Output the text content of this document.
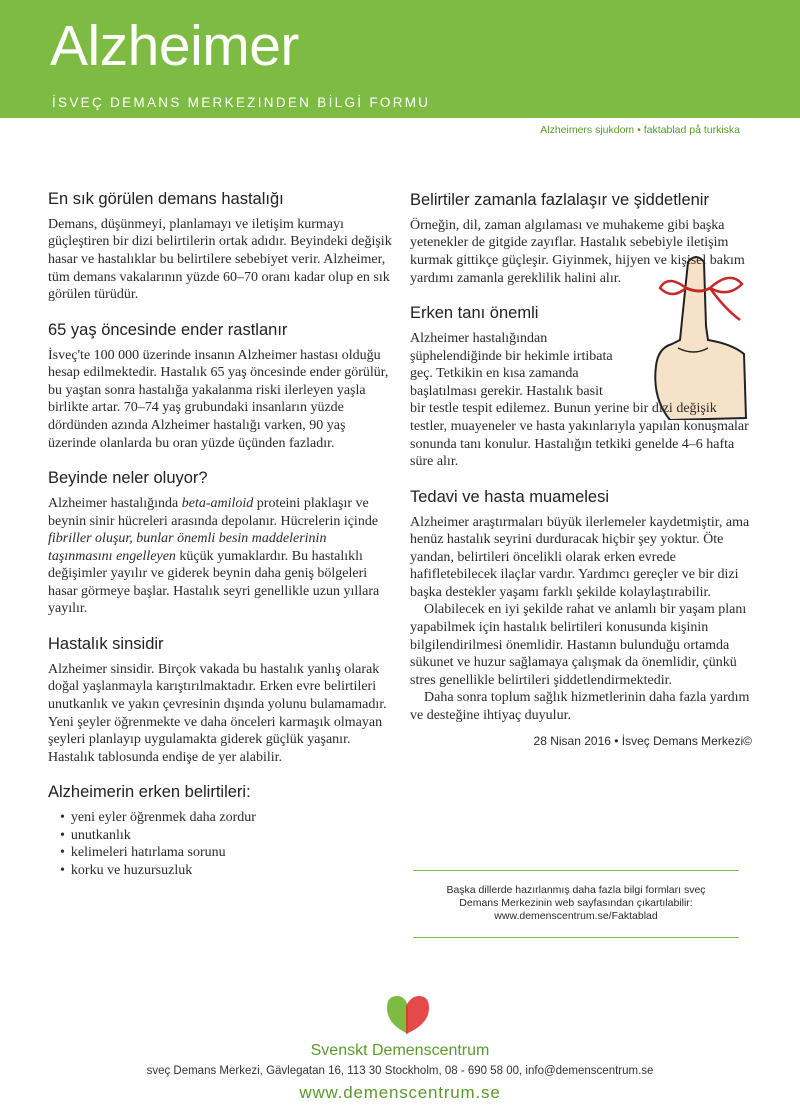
Alzheimer
İSVEÇ DEMANS MERKEZINDEN BİLGİ FORMU
Alzheimers sjukdom • faktablad på turkiska
En sık görülen demans hastalığı

Demans, düşünmeyi, planlamayı ve iletişim kurmayı güçleştiren bir dizi belirtilerin ortak adıdır. Beyindeki değişik hasar ve hastalıklar bu belirtilere sebebiyet verir. Alzheimer, tüm demans vakalarının yüzde 60–70 oranı kadar olup en sık görülen türüdür.

65 yaş öncesinde ender rastlanır

İsveç'te 100 000 üzerinde insanın Alzheimer hastası olduğu hesap edilmektedir. Hastalık 65 yaş öncesinde ender görülür, bu yaştan sonra hastalığa yakalanma riski ilerleyen yaşla birlikte artar. 70–74 yaş grubundaki insanların yüzde dördünden azında Alzheimer hastalığı varken, 90 yaş üzerinde olanlarda bu oran yüzde üçünden fazladır.

Beyinde neler oluyor?

Alzheimer hastalığında beta-amiloid proteini plaklaşır ve beynin sinir hücreleri arasında depolanır. Hücrelerin içinde fibriller oluşur, bunlar önemli besin maddelerinin taşınmasını engelleyen küçük yumaklardır. Bu hastalıklı değişimler yayılır ve giderek beynin daha geniş bölgeleri hasar görmeye başlar. Hastalık seyri genellikle uzun yıllara yayılır.

Hastalık sinsidir

Alzheimer sinsidir. Birçok vakada bu hastalık yanlış olarak doğal yaşlanmayla karıştırılmaktadır. Erken evre belirtileri unutkanlık ve yakın çevresinin dışında yolunu bulamamadır. Yeni şeyler öğrenmekte ve daha önceleri karmaşık olmayan şeyleri planlayıp uygulamakta giderek güçlük yaşanır. Hastalık tablosunda endişe de yer alabilir.

Alzheimerin erken belirtileri:
• yeni eyler öğrenmek daha zordur
• unutkanlık
• kelimeleri hatırlama sorunu
• korku ve huzursuzluk
Belirtiler zamanla fazlalaşır ve şiddetlenir

Örneğin, dil, zaman algılaması ve muhakeme gibi başka yetenekler de gitgide zayıflar. Hastalık sebebiyle iletişim kurmak gittikçe güçleşir. Giyinmek, hijyen ve kişisel bakım yardımı zamanla gereklilik halini alır.

Erken tanı önemli

Alzheimer hastalığından şüphelendiğinde bir hekimle irtibata geç. Tetkikin en kısa zamanda başlatılması gerekir. Hastalık basit

bir testle tespit edilemez. Bunun yerine bir dizi değişik testler, muayeneler ve hasta yakınlarıyla yapılan konuşmalar sonunda tanı konulur. Hastalığın tetkiki genelde 4–6 hafta süre alır.

Tedavi ve hasta muamelesi

Alzheimer araştırmaları büyük ilerlemeler kaydetmiştir, ama henüz hastalık seyrini durduracak hiçbir şey yoktur. Öte yandan, belirtileri öncelikli olarak erken evrede hafifletebilecek ilaçlar vardır. Yardımcı gereçler ve bir dizi başka destekler yaşamı farklı şekilde kolaylaştırabilir.

Olabilecek en iyi şekilde rahat ve anlamlı bir yaşam planı yapabilmek için hastalık belirtileri konusunda kişinin bilgilendirilmesi önemlidir. Hastanın bulunduğu ortamda sükunet ve huzur sağlamaya çalışmak da önemlidir, çünkü stres genellikle belirtileri şiddetlendirmektedir.

Daha sonra toplum sağlık hizmetlerinin daha fazla yardım ve desteğine ihtiyaç duyulur.

28 Nisan 2016 • İsveç Demans Merkezi©
Başka dillerde hazırlanmış daha fazla bilgi formları sveç
Demans Merkezinin web sayfasından çıkartılabilir:
www.demenscentrum.se/Faktablad
Svenskt Demenscentrum
sveç Demans Merkezi, Gävlegatan 16, 113 30 Stockholm, 08 - 690 58 00, info@demenscentrum.se
www.demenscentrum.se
